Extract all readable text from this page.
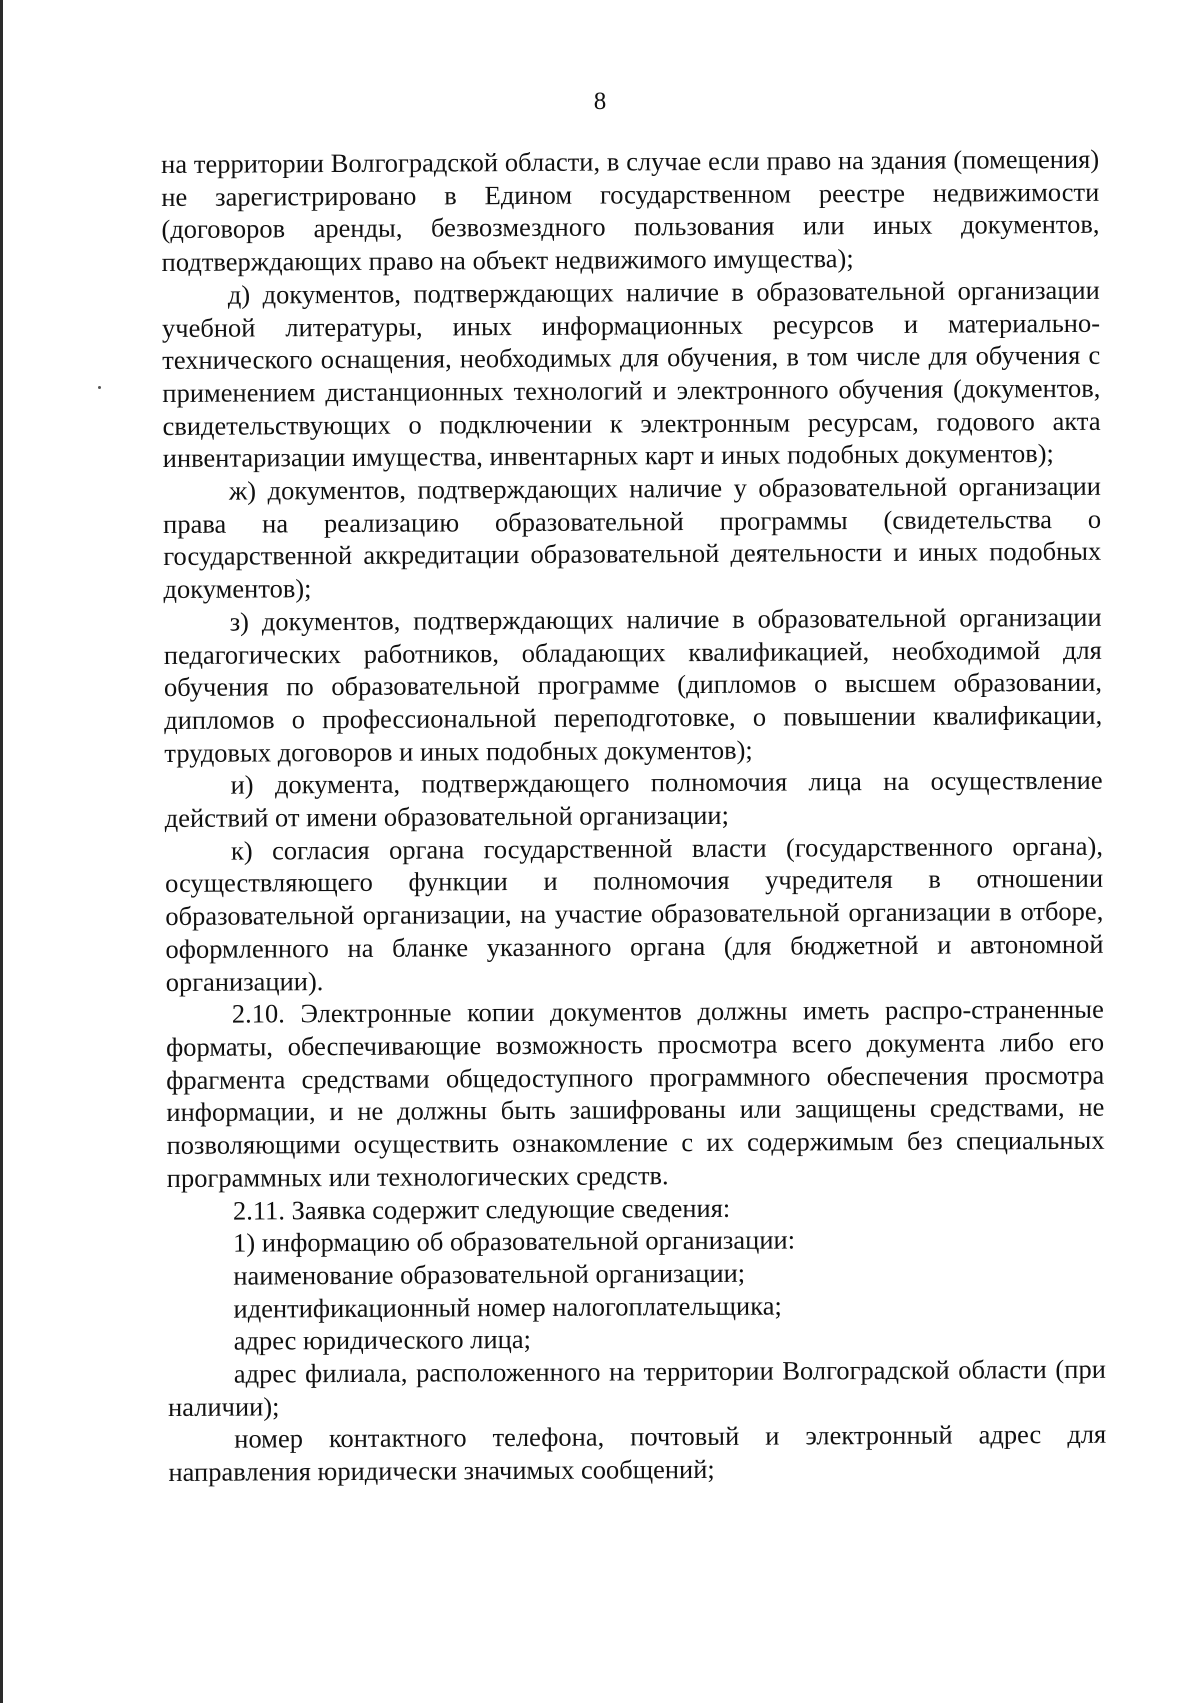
8

на территории Волгоградской области, в случае если право на здания (помещения) не зарегистрировано в Едином государственном реестре недвижимости (договоров аренды, безвозмездного пользования или иных документов, подтверждающих право на объект недвижимого имущества);

д) документов, подтверждающих наличие в образовательной организации учебной литературы, иных информационных ресурсов и материально-технического оснащения, необходимых для обучения, в том числе для обучения с применением дистанционных технологий и электронного обучения (документов, свидетельствующих о подключении к электронным ресурсам, годового акта инвентаризации имущества, инвентарных карт и иных подобных документов);

ж) документов, подтверждающих наличие у образовательной организации права на реализацию образовательной программы (свидетельства о государственной аккредитации образовательной деятельности и иных подобных документов);

з) документов, подтверждающих наличие в образовательной организации педагогических работников, обладающих квалификацией, необходимой для обучения по образовательной программе (дипломов о высшем образовании, дипломов о профессиональной переподготовке, о повышении квалификации, трудовых договоров и иных подобных документов);

и) документа, подтверждающего полномочия лица на осуществление действий от имени образовательной организации;

к) согласия органа государственной власти (государственного органа), осуществляющего функции и полномочия учредителя в отношении образовательной организации, на участие образовательной организации в отборе, оформленного на бланке указанного органа (для бюджетной и автономной организации).

2.10. Электронные копии документов должны иметь распро-страненные форматы, обеспечивающие возможность просмотра всего документа либо его фрагмента средствами общедоступного программного обеспечения просмотра информации, и не должны быть зашифрованы или защищены средствами, не позволяющими осуществить ознакомление с их содержимым без специальных программных или технологических средств.

2.11. Заявка содержит следующие сведения:

1) информацию об образовательной организации:

наименование образовательной организации;

идентификационный номер налогоплательщика;

адрес юридического лица;

адрес филиала, расположенного на территории Волгоградской области (при наличии);

номер контактного телефона, почтовый и электронный адрес для направления юридически значимых сообщений;
